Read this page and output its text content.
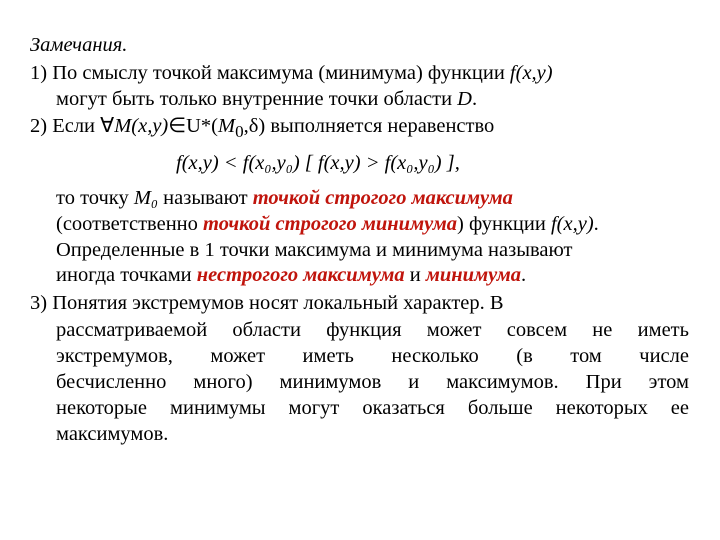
Замечания.
1) По смыслу точкой максимума (минимума) функции f(x,y)
могут быть только внутренние точки области D.
2) Если $\forall M(x,y)\in U*(M_0,\delta)$ выполняется неравенство
f(x,y) < f(x₀,y₀) [ f(x,y) > f(x₀,y₀) ],
то точку M₀ называют точкой строгого максимума
(соответственно точкой строгого минимума) функции f(x,y).
Определенные в 1 точки максимума и минимума называют
иногда точками нестрогого максимума и минимума.
3) Понятия экстремумов носят локальный характер. В
рассматриваемой области функция может совсем не иметь
экстремумов, может иметь несколько (в том числе
бесчисленно много) минимумов и максимумов. При этом
некоторые минимумы могут оказаться больше некоторых ее
максимумов.
